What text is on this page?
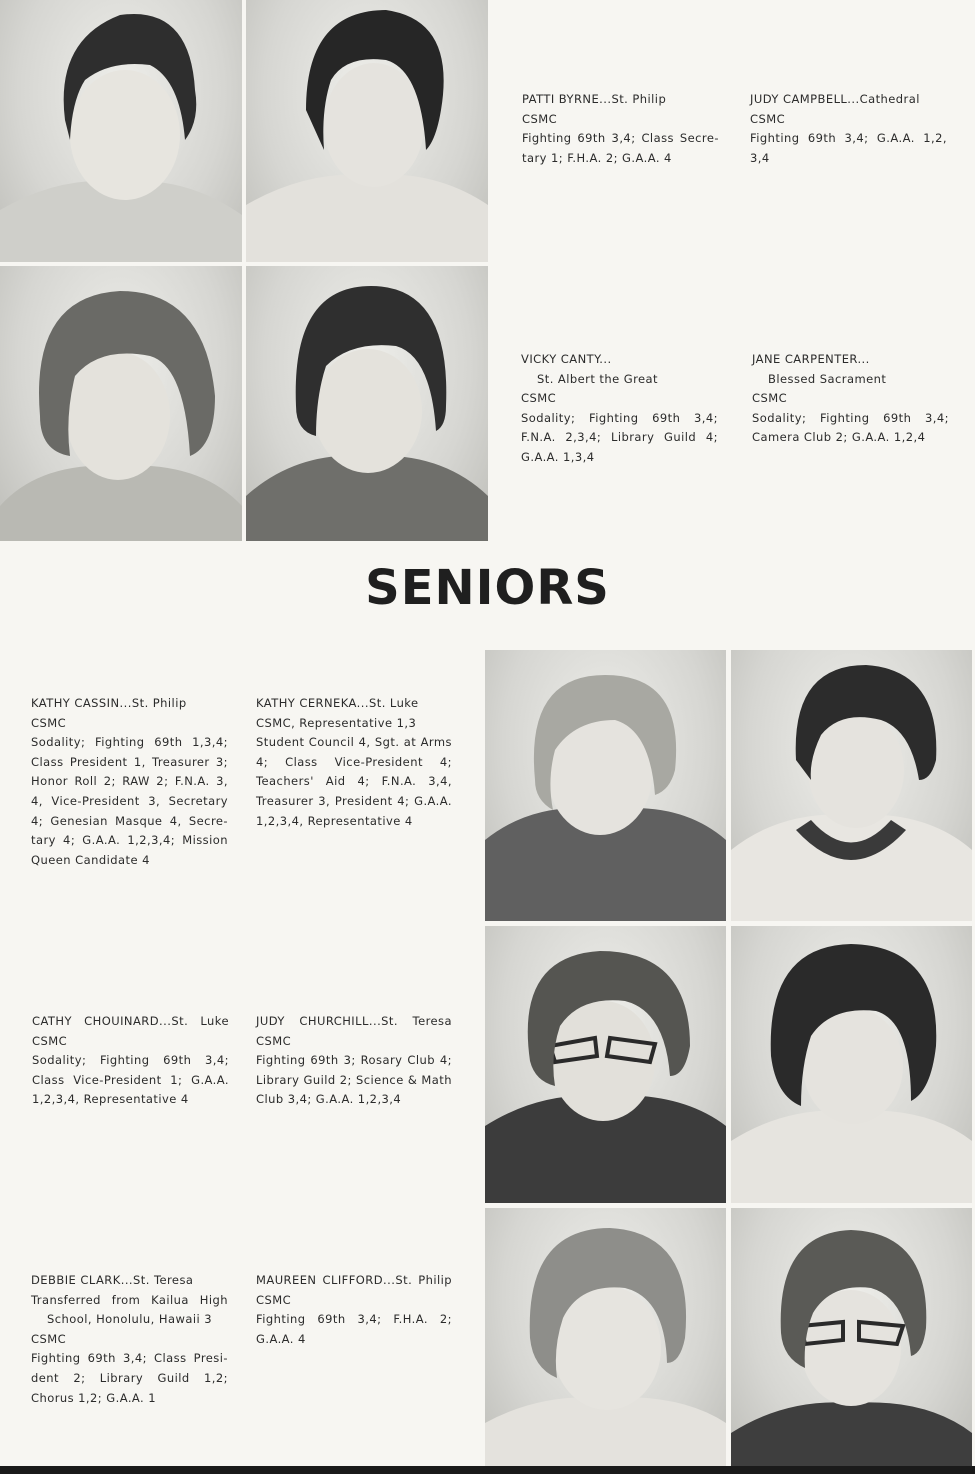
PATTI BYRNE...St. Philip
CSMC
Fighting 69th 3,4; Class Secre-
tary 1; F.H.A. 2; G.A.A. 4
JUDY CAMPBELL...Cathedral
CSMC
Fighting 69th 3,4; G.A.A. 1,2,
3,4
VICKY CANTY...
St. Albert the Great
CSMC
Sodality; Fighting 69th 3,4;
F.N.A. 2,3,4; Library Guild 4;
G.A.A. 1,3,4
JANE CARPENTER...
Blessed Sacrament
CSMC
Sodality; Fighting 69th 3,4;
Camera Club 2; G.A.A. 1,2,4
SENIORS
KATHY CASSIN...St. Philip
CSMC
Sodality; Fighting 69th 1,3,4;
Class President 1, Treasurer 3;
Honor Roll 2; RAW 2; F.N.A. 3,
4, Vice-President 3, Secretary
4; Genesian Masque 4, Secre-
tary 4; G.A.A. 1,2,3,4; Mission
Queen Candidate 4
KATHY CERNEKA...St. Luke
CSMC, Representative 1,3
Student Council 4, Sgt. at Arms
4; Class Vice-President 4;
Teachers' Aid 4; F.N.A. 3,4,
Treasurer 3, President 4; G.A.A.
1,2,3,4, Representative 4
CATHY CHOUINARD...St. Luke
CSMC
Sodality; Fighting 69th 3,4;
Class Vice-President 1; G.A.A.
1,2,3,4, Representative 4
JUDY CHURCHILL...St. Teresa
CSMC
Fighting 69th 3; Rosary Club 4;
Library Guild 2; Science & Math
Club 3,4; G.A.A. 1,2,3,4
DEBBIE CLARK...St. Teresa
Transferred from Kailua High
School, Honolulu, Hawaii 3
CSMC
Fighting 69th 3,4; Class Presi-
dent 2; Library Guild 1,2;
Chorus 1,2; G.A.A. 1
MAUREEN CLIFFORD...St. Philip
CSMC
Fighting 69th 3,4; F.H.A. 2;
G.A.A. 4
